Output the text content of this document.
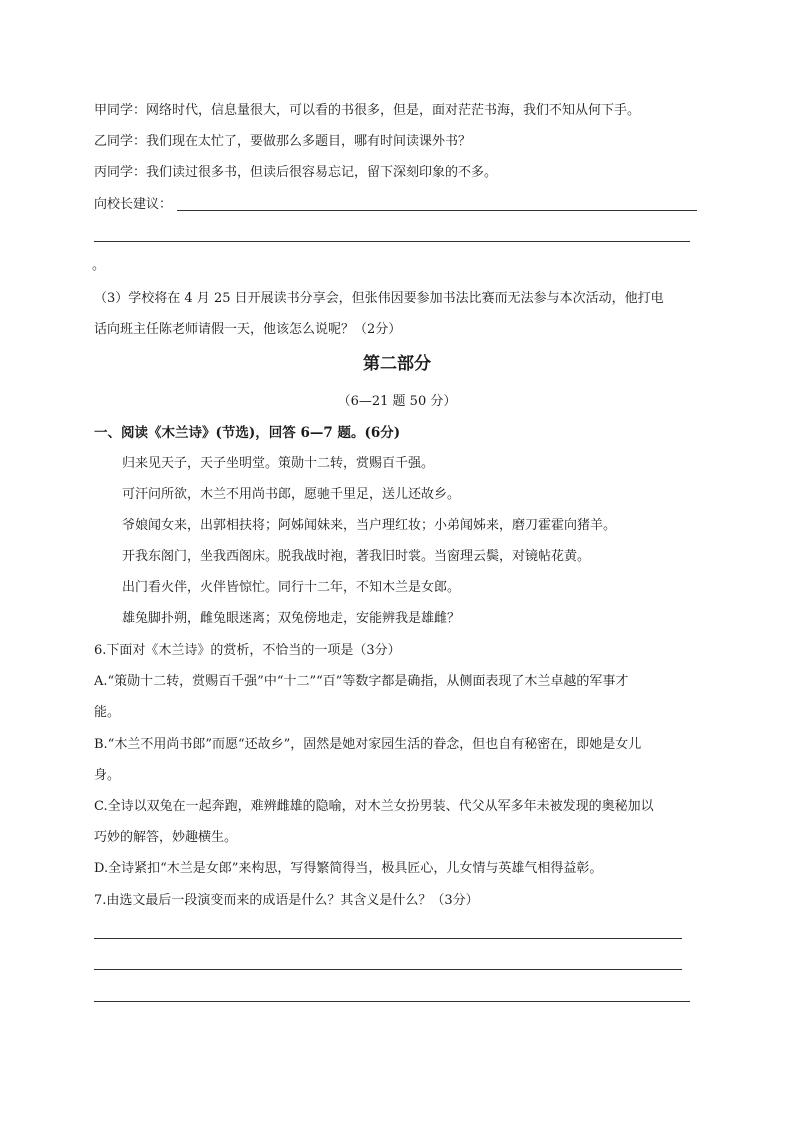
甲同学：网络时代，信息量很大，可以看的书很多，但是，面对茫茫书海，我们不知从何下手。
乙同学：我们现在太忙了，要做那么多题目，哪有时间读课外书？
丙同学：我们读过很多书，但读后很容易忘记，留下深刻印象的不多。
向校长建议：
。
（3）学校将在 4 月 25 日开展读书分享会，但张伟因要参加书法比赛而无法参与本次活动，他打电
话向班主任陈老师请假一天，他该怎么说呢？（2分）
第二部分
（6—21 题 50 分）
一、阅读《木兰诗》(节选)，回答 6—7 题。(6分)
归来见天子，天子坐明堂。策勋十二转，赏赐百千强。
可汗问所欲，木兰不用尚书郎，愿驰千里足，送儿还故乡。
爷娘闻女来，出郭相扶将；阿姊闻妹来，当户理红妆；小弟闻姊来，磨刀霍霍向猪羊。
开我东阁门，坐我西阁床。脱我战时袍，著我旧时裳。当窗理云鬓，对镜帖花黄。
出门看火伴，火伴皆惊忙。同行十二年，不知木兰是女郎。
雄兔脚扑朔，雌兔眼迷离；双兔傍地走，安能辨我是雄雌？
6.下面对《木兰诗》的赏析，不恰当的一项是（3分）
A.“策勋十二转，赏赐百千强”中“十二”“百”等数字都是确指，从侧面表现了木兰卓越的军事才
能。
B.“木兰不用尚书郎”而愿“还故乡”，固然是她对家园生活的眷念，但也自有秘密在，即她是女儿
身。
C.全诗以双兔在一起奔跑，难辨雌雄的隐喻，对木兰女扮男装、代父从军多年未被发现的奥秘加以
巧妙的解答，妙趣横生。
D.全诗紧扣“木兰是女郎”来构思，写得繁简得当，极具匠心，儿女情与英雄气相得益彰。
7.由选文最后一段演变而来的成语是什么？其含义是什么？（3分）
